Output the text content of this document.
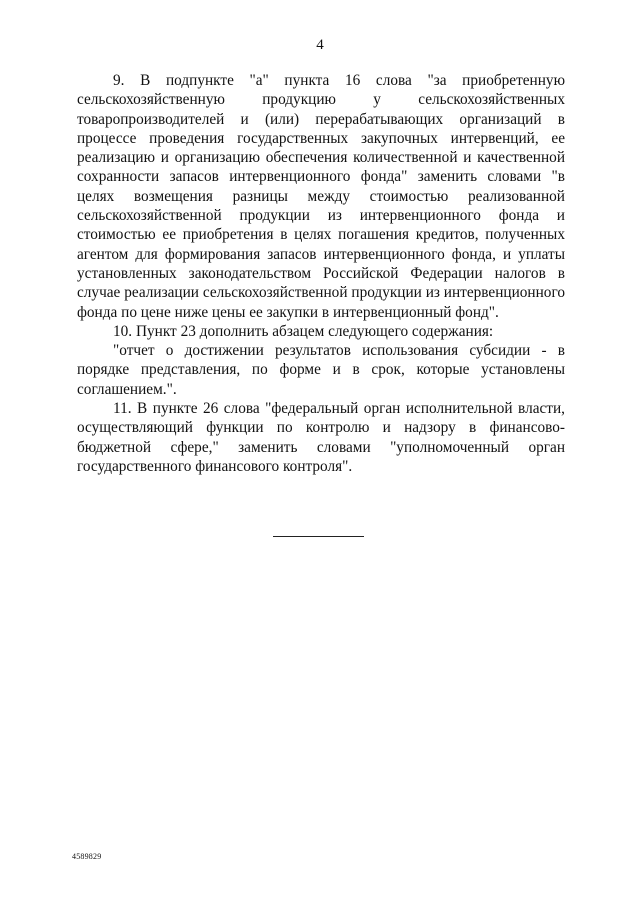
4

9. В подпункте "а" пункта 16 слова "за приобретенную сельскохозяйственную продукцию у сельскохозяйственных товаропроизводителей и (или) перерабатывающих организаций в процессе проведения государственных закупочных интервенций, ее реализацию и организацию обеспечения количественной и качественной сохранности запасов интервенционного фонда" заменить словами "в целях возмещения разницы между стоимостью реализованной сельскохозяйственной продукции из интервенционного фонда и стоимостью ее приобретения в целях погашения кредитов, полученных агентом для формирования запасов интервенционного фонда, и уплаты установленных законодательством Российской Федерации налогов в случае реализации сельскохозяйственной продукции из интервенционного фонда по цене ниже цены ее закупки в интервенционный фонд".

10. Пункт 23 дополнить абзацем следующего содержания:

"отчет о достижении результатов использования субсидии - в порядке представления, по форме и в срок, которые установлены соглашением.".

11. В пункте 26 слова "федеральный орган исполнительной власти, осуществляющий функции по контролю и надзору в финансово-бюджетной сфере," заменить словами "уполномоченный орган государственного финансового контроля".

4589829
